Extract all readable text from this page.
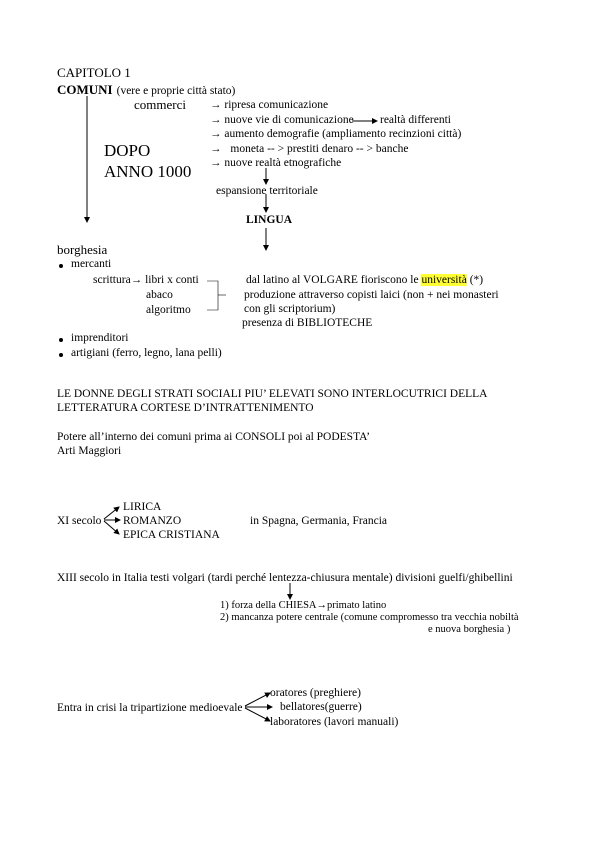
CAPITOLO 1
COMUNI (vere e proprie città stato)
commerci
DOPO
ANNO 1000
→ ripresa comunicazione
→ nuove vie di comunicazione realtà differenti
→ aumento demografie (ampliamento recinzioni città)
→ moneta -- > prestiti denaro -- > banche
→ nuove realtà etnografiche
espansione territoriale
LINGUA
borghesia
mercanti
scrittura→ libri x conti
abaco
algoritmo
dal latino al VOLGARE fioriscono le università (*)
produzione attraverso copisti laici (non + nei monasteri
con gli scriptorium)
presenza di BIBLIOTECHE
imprenditori
artigiani (ferro, legno, lana pelli)
LE DONNE DEGLI STRATI SOCIALI PIU’ ELEVATI SONO INTERLOCUTRICI DELLA
LETTERATURA CORTESE D’INTRATTENIMENTO
Potere all’interno dei comuni prima ai CONSOLI poi al PODESTA’
Arti Maggiori
XI secolo
LIRICA
ROMANZO
EPICA CRISTIANA
in Spagna, Germania, Francia
XIII secolo in Italia testi volgari (tardi perché lentezza-chiusura mentale) divisioni guelfi/ghibellini
1) forza della CHIESA→primato latino
2) mancanza potere centrale (comune compromesso tra vecchia nobiltà
e nuova borghesia )
Entra in crisi la tripartizione medioevale
oratores (preghiere)
bellatores(guerre)
laboratores (lavori manuali)
